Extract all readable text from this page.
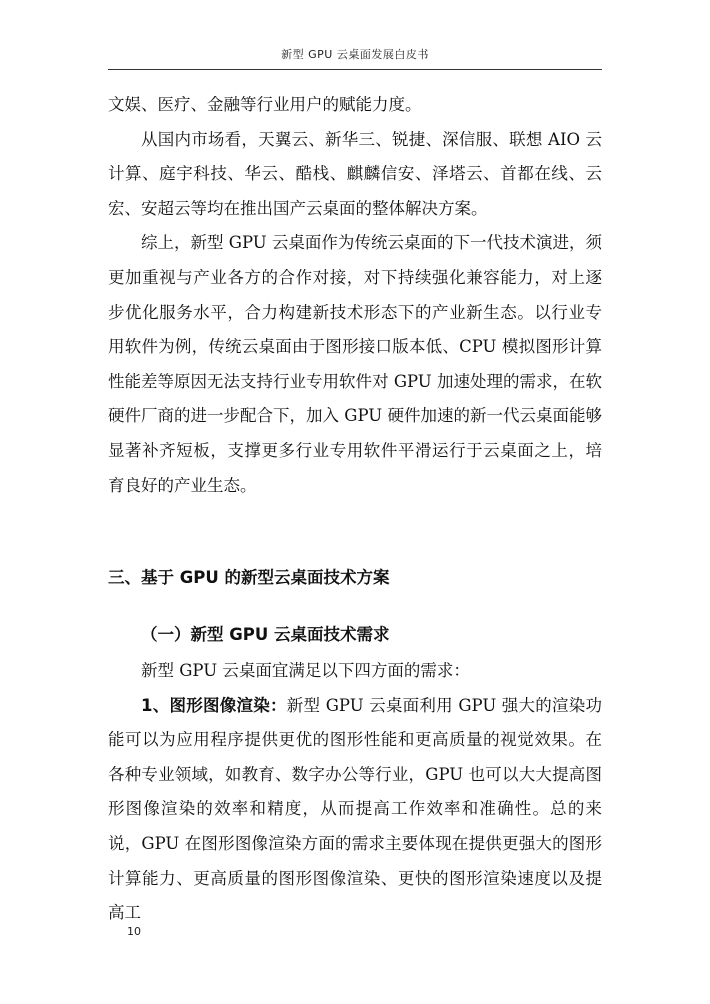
新型 GPU 云桌面发展白皮书

文娱、医疗、金融等行业用户的赋能力度。

从国内市场看，天翼云、新华三、锐捷、深信服、联想 AIO 云计算、庭宇科技、华云、酷栈、麒麟信安、泽塔云、首都在线、云宏、安超云等均在推出国产云桌面的整体解决方案。

综上，新型 GPU 云桌面作为传统云桌面的下一代技术演进，须更加重视与产业各方的合作对接，对下持续强化兼容能力，对上逐步优化服务水平，合力构建新技术形态下的产业新生态。以行业专用软件为例，传统云桌面由于图形接口版本低、CPU 模拟图形计算性能差等原因无法支持行业专用软件对 GPU 加速处理的需求，在软硬件厂商的进一步配合下，加入 GPU 硬件加速的新一代云桌面能够显著补齐短板，支撑更多行业专用软件平滑运行于云桌面之上，培育良好的产业生态。

三、基于 GPU 的新型云桌面技术方案
（一）新型 GPU 云桌面技术需求

新型 GPU 云桌面宜满足以下四方面的需求：

1、图形图像渲染：新型 GPU 云桌面利用 GPU 强大的渲染功能可以为应用程序提供更优的图形性能和更高质量的视觉效果。在各种专业领域，如教育、数字办公等行业，GPU 也可以大大提高图形图像渲染的效率和精度，从而提高工作效率和准确性。总的来说，GPU 在图形图像渲染方面的需求主要体现在提供更强大的图形计算能力、更高质量的图形图像渲染、更快的图形渲染速度以及提高工

10
